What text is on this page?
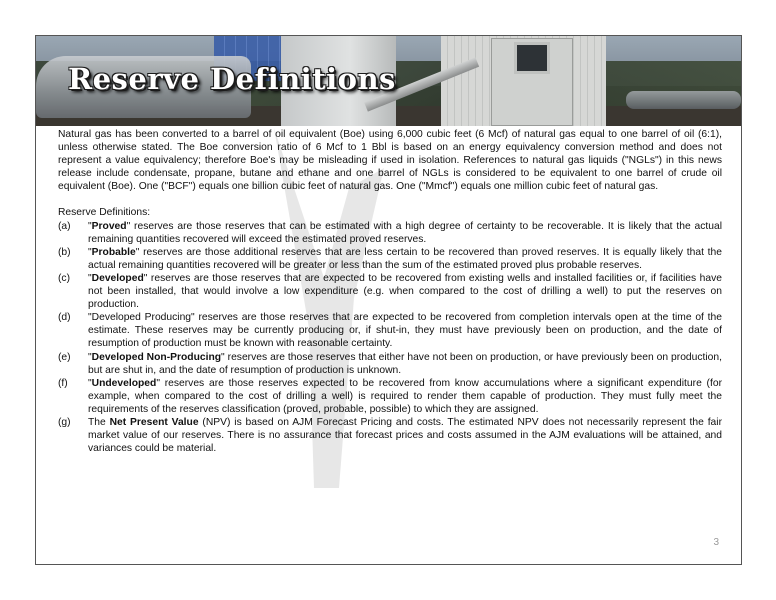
Reserve Definitions

Natural gas has been converted to a barrel of oil equivalent (Boe) using 6,000 cubic feet (6 Mcf) of natural gas equal to one barrel of oil (6:1), unless otherwise stated. The Boe conversion ratio of 6 Mcf to 1 Bbl is based on an energy equivalency conversion method and does not represent a value equivalency; therefore Boe's may be misleading if used in isolation. References to natural gas liquids ("NGLs") in this news release include condensate, propane, butane and ethane and one barrel of NGLs is considered to be equivalent to one barrel of crude oil equivalent (Boe). One ("BCF") equals one billion cubic feet of natural gas. One ("Mmcf") equals one million cubic feet of natural gas.

Reserve Definitions:
(a)	"Proved" reserves are those reserves that can be estimated with a high degree of certainty to be recoverable. It is likely that the actual remaining quantities recovered will exceed the estimated proved reserves.
(b)	"Probable" reserves are those additional reserves that are less certain to be recovered than proved reserves. It is equally likely that the actual remaining quantities recovered will be greater or less than the sum of the estimated proved plus probable reserves.
(c)	"Developed" reserves are those reserves that are expected to be recovered from existing wells and installed facilities or, if facilities have not been installed, that would involve a low expenditure (e.g. when compared to the cost of drilling a well) to put the reserves on production.
(d)	"Developed Producing" reserves are those reserves that are expected to be recovered from completion intervals open at the time of the estimate. These reserves may be currently producing or, if shut-in, they must have previously been on production, and the date of resumption of production must be known with reasonable certainty.
(e)	"Developed Non-Producing" reserves are those reserves that either have not been on production, or have previously been on production, but are shut in, and the date of resumption of production is unknown.
(f)	"Undeveloped" reserves are those reserves expected to be recovered from know accumulations where a significant expenditure (for example, when compared to the cost of drilling a well) is required to render them capable of production. They must fully meet the requirements of the reserves classification (proved, probable, possible) to which they are assigned.
(g)	The Net Present Value (NPV) is based on AJM Forecast Pricing and costs. The estimated NPV does not necessarily represent the fair market value of our reserves. There is no assurance that forecast prices and costs assumed in the AJM evaluations will be attained, and variances could be material.
3
